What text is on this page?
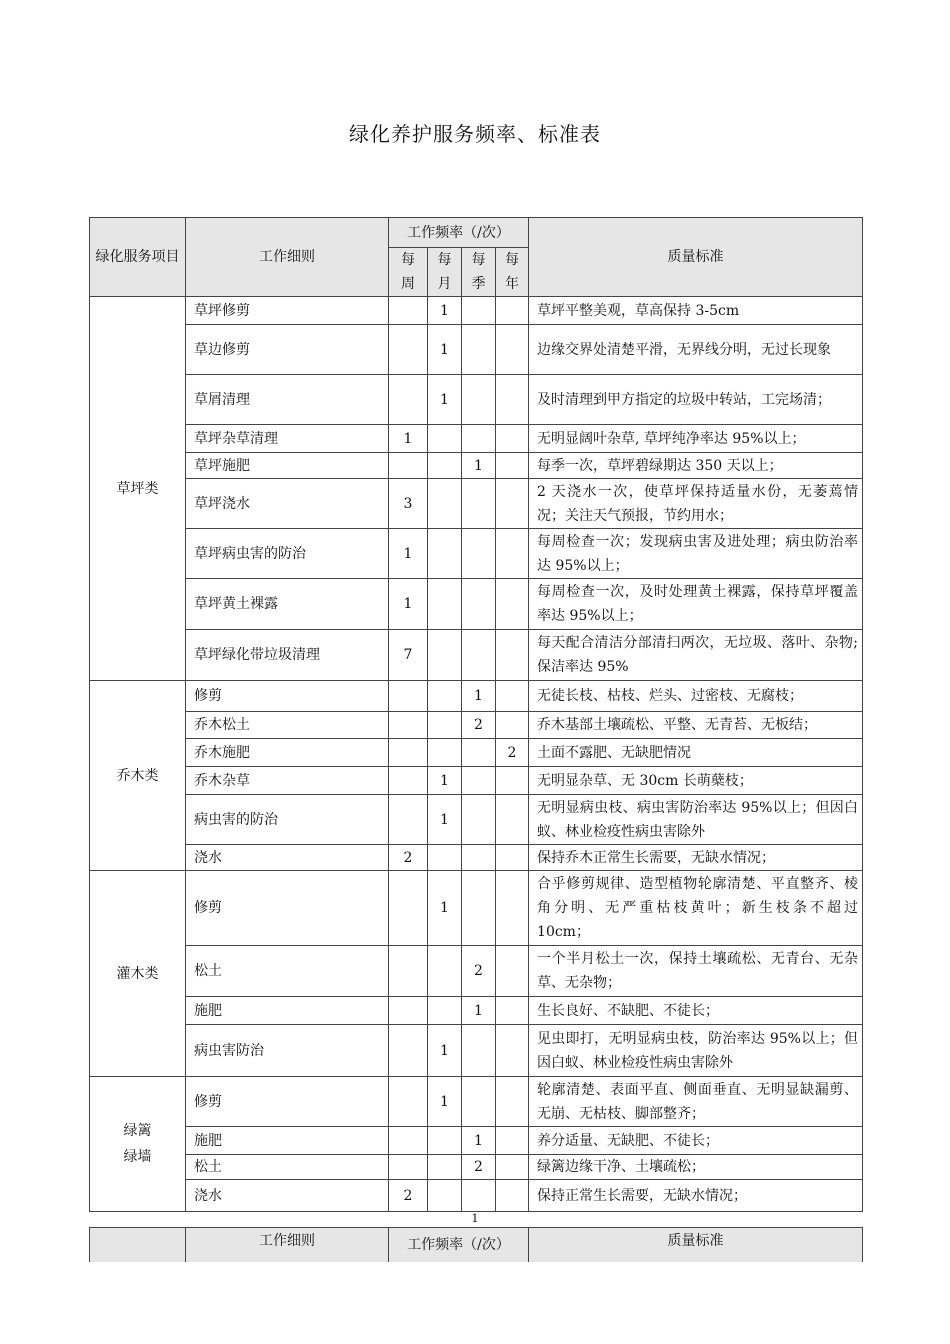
绿化养护服务频率、标准表
绿化服务项目	工作细则	工作频率（/次）				质量标准
		每周	每月	每季	每年	
草坪类	草坪修剪		1			草坪平整美观，草高保持 3-5cm
	草边修剪		1			边缘交界处清楚平滑，无界线分明，无过长现象
	草屑清理		1			及时清理到甲方指定的垃圾中转站，工完场清；
	草坪杂草清理	1				无明显阔叶杂草, 草坪纯净率达 95%以上；
	草坪施肥			1		每季一次，草坪碧绿期达 350 天以上；
	草坪浇水	3				2 天浇水一次，使草坪保持适量水份，无萎蔫情况；关注天气预报，节约用水；
	草坪病虫害的防治	1				每周检查一次；发现病虫害及进处理；病虫防治率达 95%以上；
	草坪黄土裸露	1				每周检查一次，及时处理黄土裸露，保持草坪覆盖率达 95%以上；
	草坪绿化带垃圾清理	7				每天配合清洁分部清扫两次，无垃圾、落叶、杂物;保洁率达 95%
乔木类	修剪			1		无徒长枝、枯枝、烂头、过密枝、无腐枝；
	乔木松土			2		乔木基部土壤疏松、平整、无青苔、无板结；
	乔木施肥				2	土面不露肥、无缺肥情况
	乔木杂草		1			无明显杂草、无 30cm 长萌蘖枝；
	病虫害的防治		1			无明显病虫枝、病虫害防治率达 95%以上；但因白蚁、林业检疫性病虫害除外
	浇水	2				保持乔木正常生长需要，无缺水情况；
灌木类	修剪		1			合乎修剪规律、造型植物轮廓清楚、平直整齐、棱角分明、无严重枯枝黄叶；新生枝条不超过 10cm；
	松土			2		一个半月松土一次，保持土壤疏松、无青台、无杂草、无杂物；
	施肥			1		生长良好、不缺肥、不徒长；
	病虫害防治		1			见虫即打，无明显病虫枝，防治率达 95%以上；但因白蚁、林业检疫性病虫害除外
绿篱绿墙	修剪		1			轮廓清楚、表面平直、侧面垂直、无明显缺漏剪、无崩、无枯枝、脚部整齐；
	施肥			1		养分适量、无缺肥、不徒长；
	松土			2		绿篱边缘干净、土壤疏松；
	浇水	2				保持正常生长需要，无缺水情况；
1
	工作细则	工作频率（/次）	质量标准
